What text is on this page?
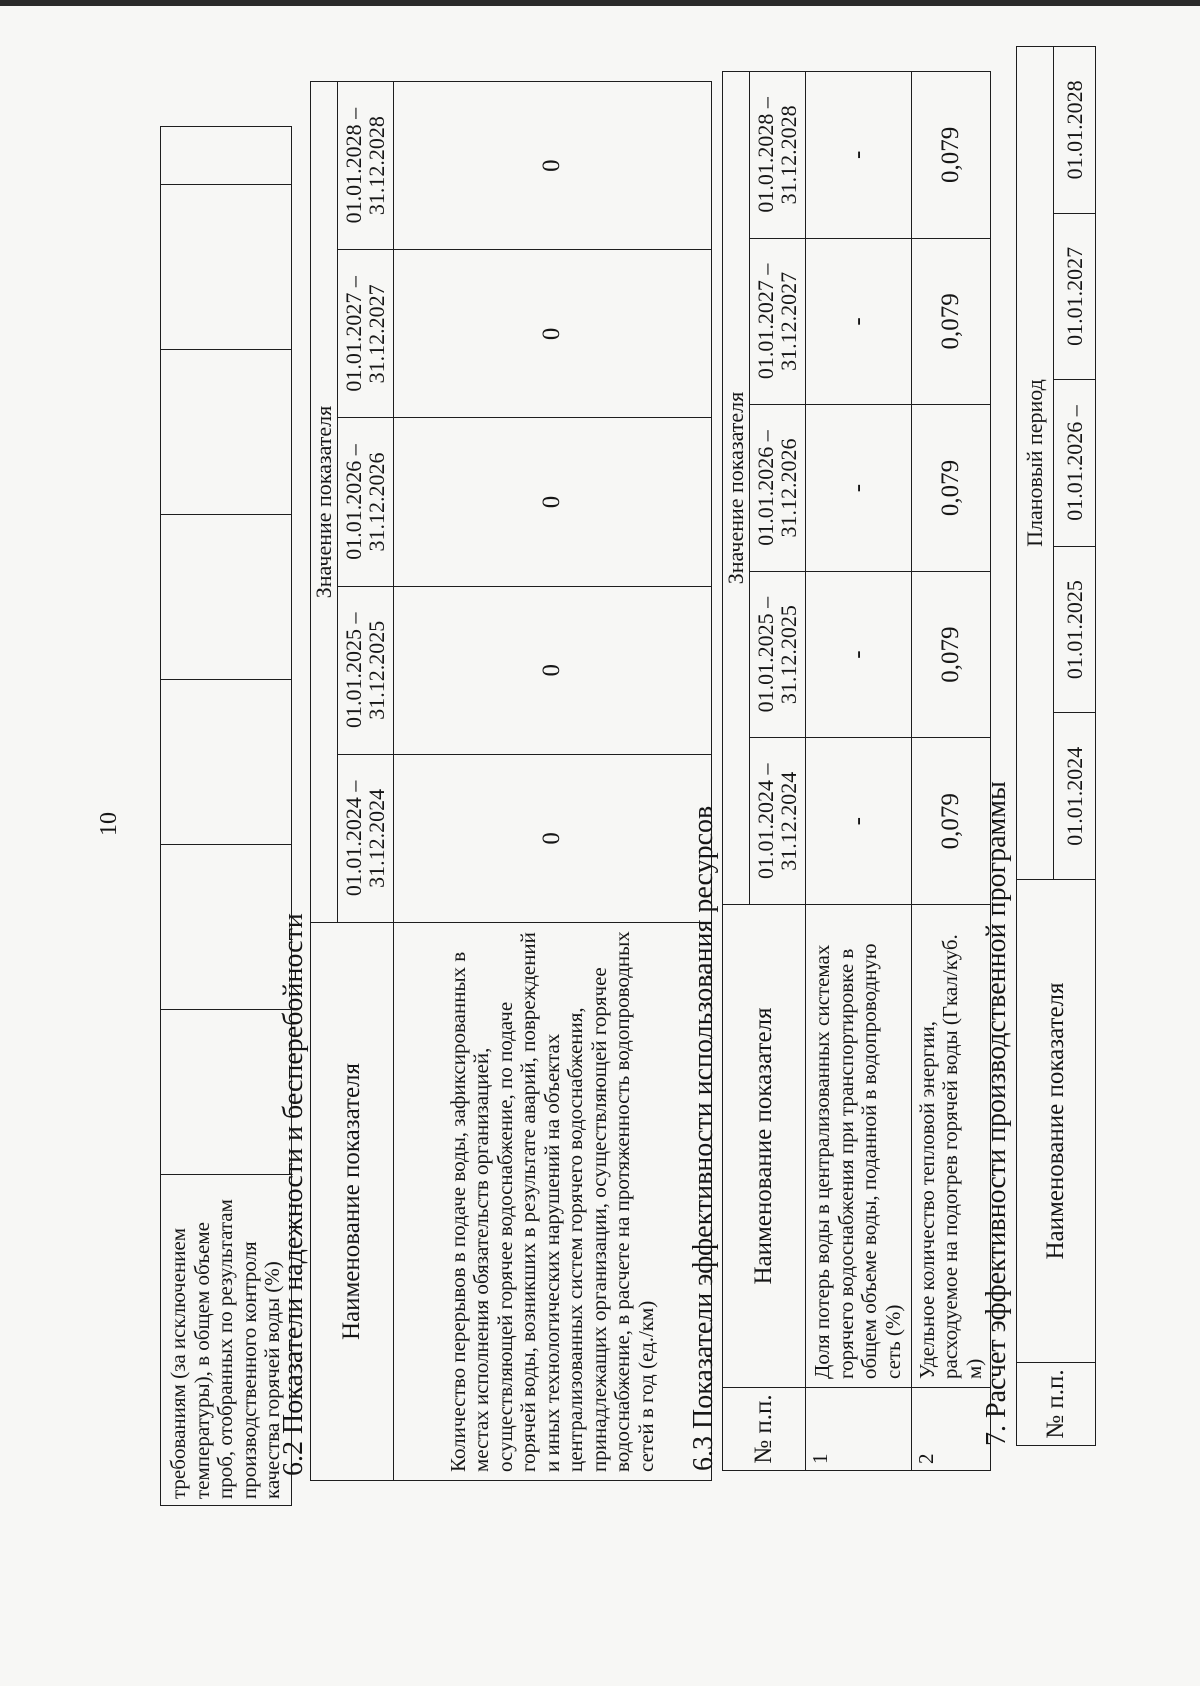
требованиям (за исключением температуры), в общем объеме проб, отобранных по результатам производственного контроля качества горячей воды (%)							
10
6.2 Показатели надежности и бесперебойности Наименование показателя	Значение показателя				
	01.01.2024 – 31.12.2024	01.01.2025 – 31.12.2025	01.01.2026 – 31.12.2026	01.01.2027 – 31.12.2027	01.01.2028 – 31.12.2028
Количество перерывов в подаче воды, зафиксированных в местах исполнения обязательств организацией, осуществляющей горячее водоснабжение, по подаче горячей воды, возникших в результате аварий, повреждений и иных технологических нарушений на объектах централизованных систем горячего водоснабжения, принадлежащих организации, осуществляющей горячее водоснабжение, в расчете на протяженность водопроводных сетей в год (ед./км)	0	0	0	0	0
6.3 Показатели эффективности использования ресурсов № п.п.	Наименование показателя	Значение показателя				
		01.01.2024 – 31.12.2024	01.01.2025 – 31.12.2025	01.01.2026 – 31.12.2026	01.01.2027 – 31.12.2027	01.01.2028 – 31.12.2028
1	Доля потерь воды в централизованных системах горячего водоснабжения при транспортировке в общем объеме воды, поданной в водопроводную сеть (%)	-	-	-	-	-
2	Удельное количество тепловой энергии, расходуемое на подогрев горячей воды (Гкал/куб. м)	0,079	0,079	0,079	0,079	0,079
7. Расчет эффективности производственной программы № п.п.	Наименование показателя	Плановый период				
		01.01.2024	01.01.2025	01.01.2026 –	01.01.2027	01.01.2028
